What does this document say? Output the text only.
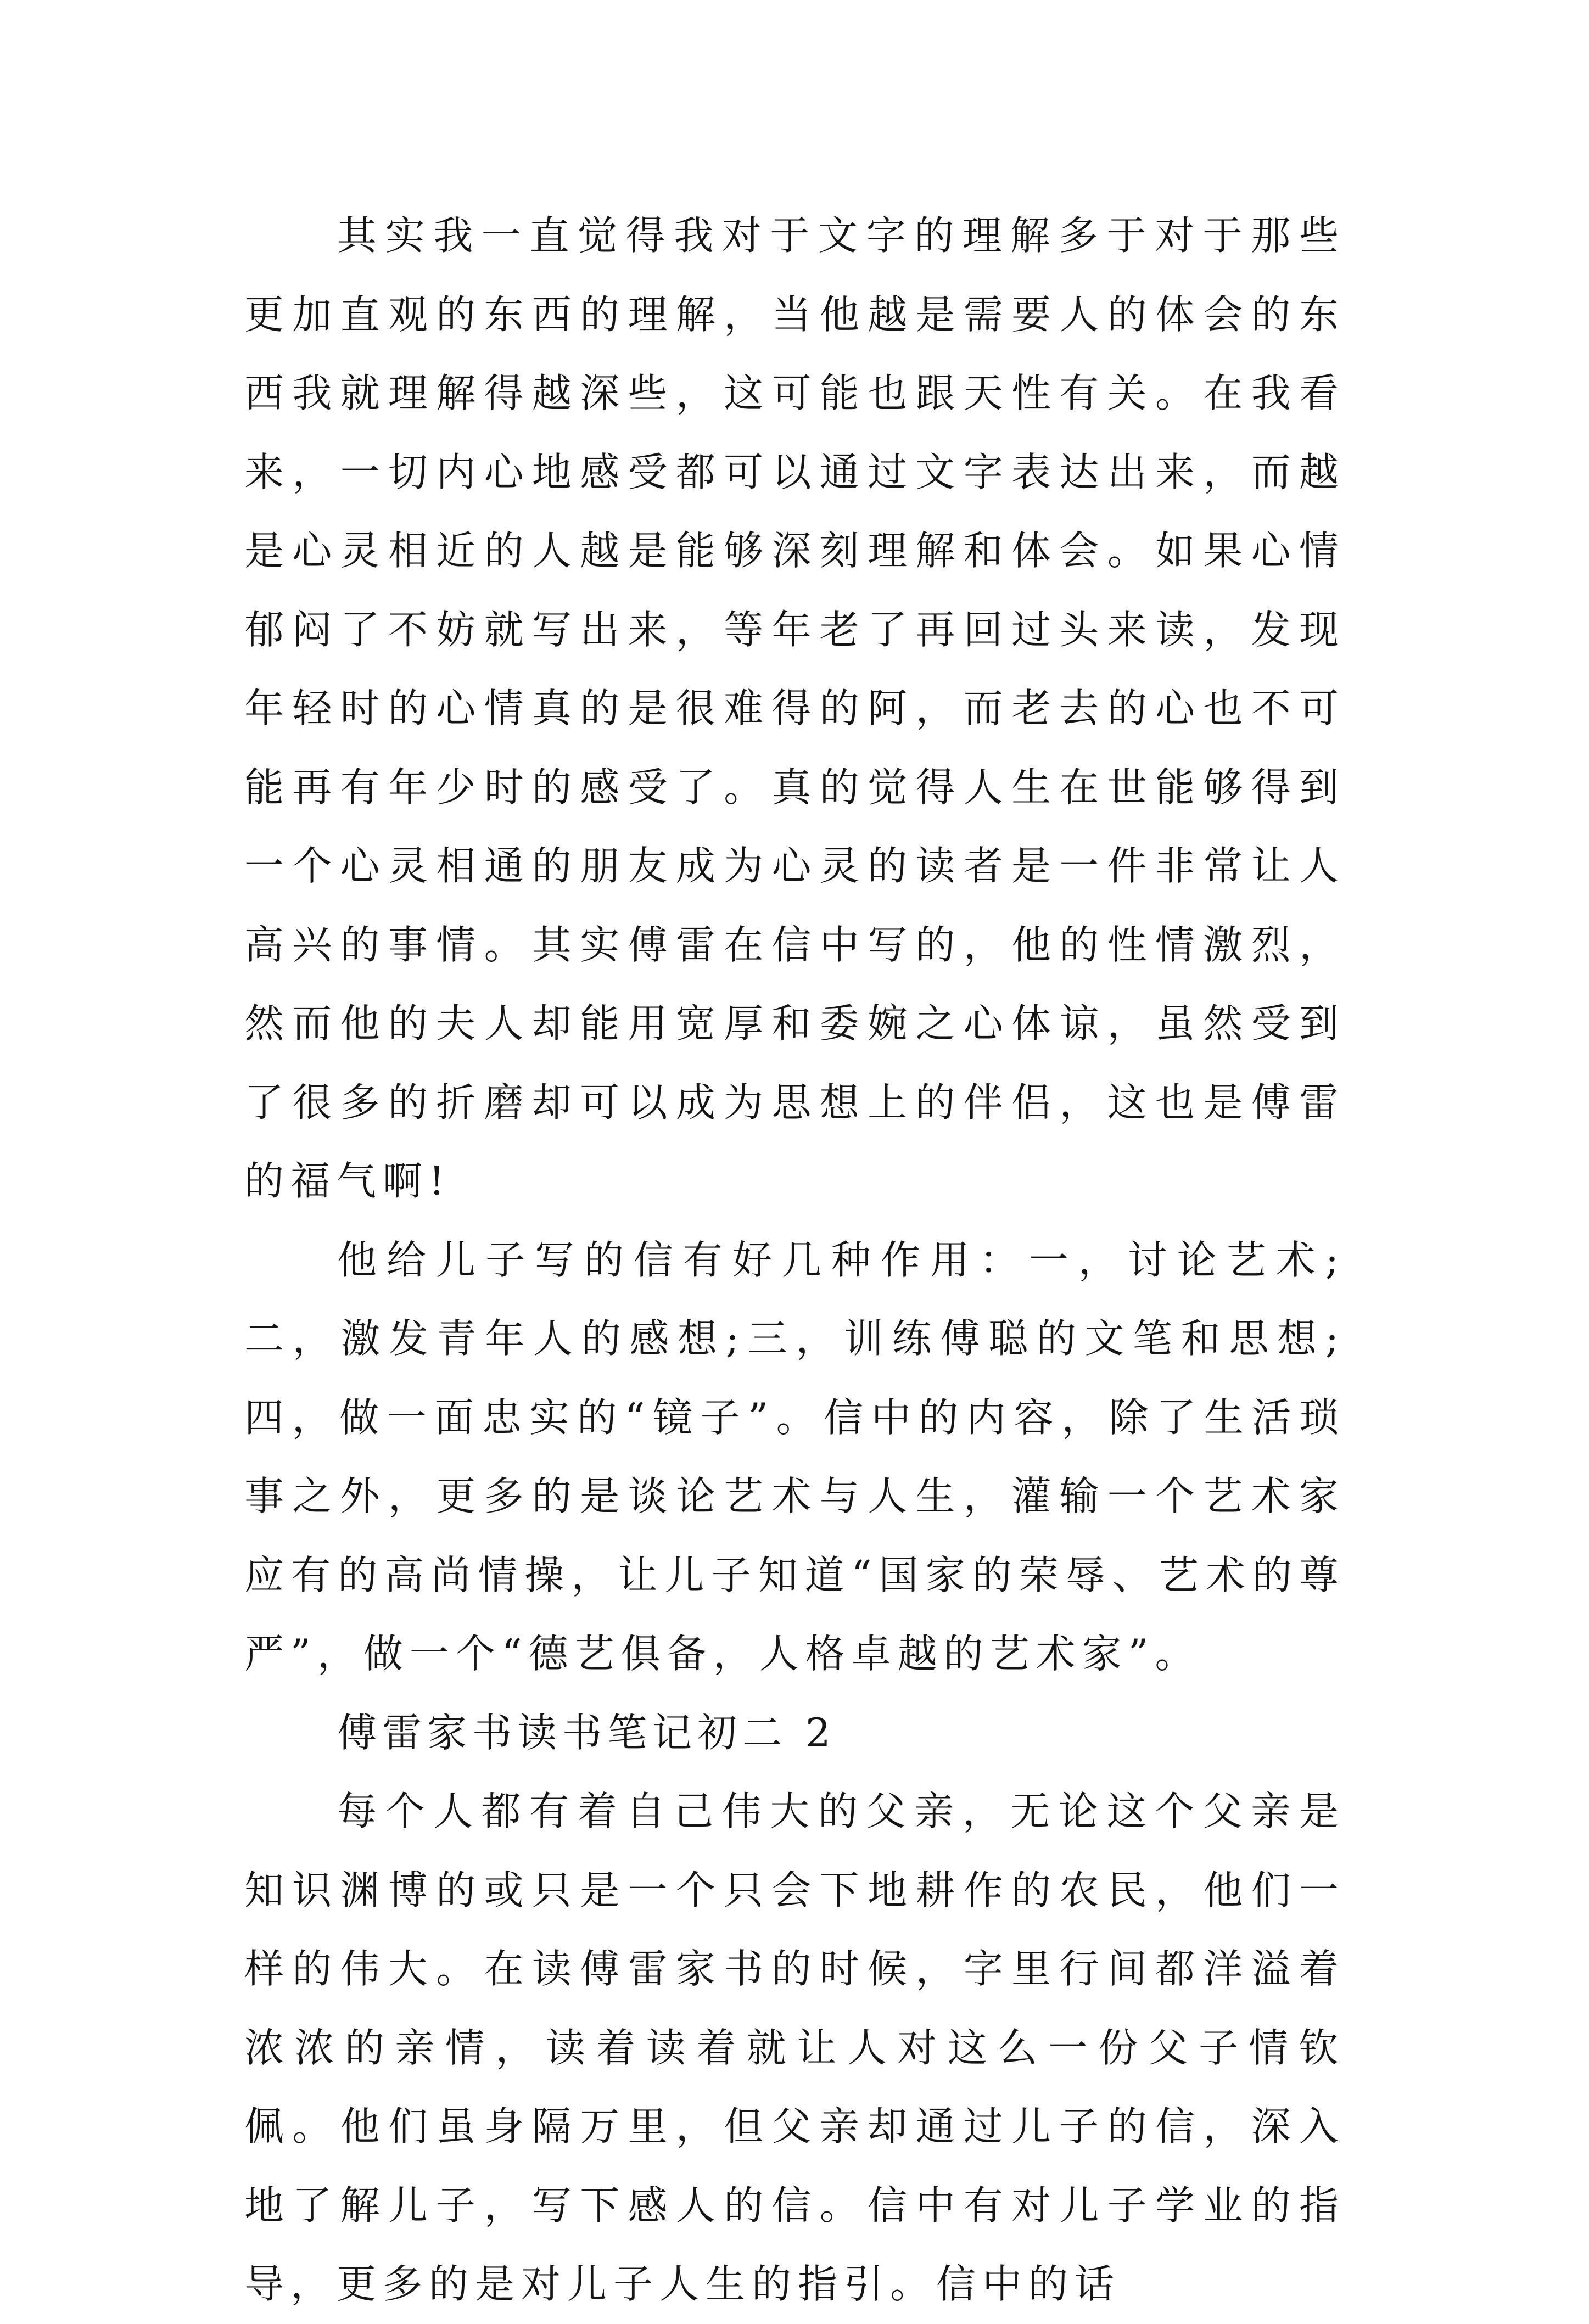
其实我一直觉得我对于文字的理解多于对于那些更加直观的东西的理解，当他越是需要人的体会的东西我就理解得越深些，这可能也跟天性有关。在我看来，一切内心地感受都可以通过文字表达出来，而越是心灵相近的人越是能够深刻理解和体会。如果心情郁闷了不妨就写出来，等年老了再回过头来读，发现年轻时的心情真的是很难得的阿，而老去的心也不可能再有年少时的感受了。真的觉得人生在世能够得到一个心灵相通的朋友成为心灵的读者是一件非常让人高兴的事情。其实傅雷在信中写的，他的性情激烈，然而他的夫人却能用宽厚和委婉之心体谅，虽然受到了很多的折磨却可以成为思想上的伴侣，这也是傅雷的福气啊!

他给儿子写的信有好几种作用：一，讨论艺术;二，激发青年人的感想;三，训练傅聪的文笔和思想;四，做一面忠实的“镜子”。信中的内容，除了生活琐事之外，更多的是谈论艺术与人生，灌输一个艺术家应有的高尚情操，让儿子知道“国家的荣辱、艺术的尊严”，做一个“德艺俱备，人格卓越的艺术家”。

傅雷家书读书笔记初二 2

每个人都有着自己伟大的父亲，无论这个父亲是知识渊博的或只是一个只会下地耕作的农民，他们一样的伟大。在读傅雷家书的时候，字里行间都洋溢着浓浓的亲情，读着读着就让人对这么一份父子情钦佩。他们虽身隔万里，但父亲却通过儿子的信，深入地了解儿子，写下感人的信。信中有对儿子学业的指导，更多的是对儿子人生的指引。信中的话
